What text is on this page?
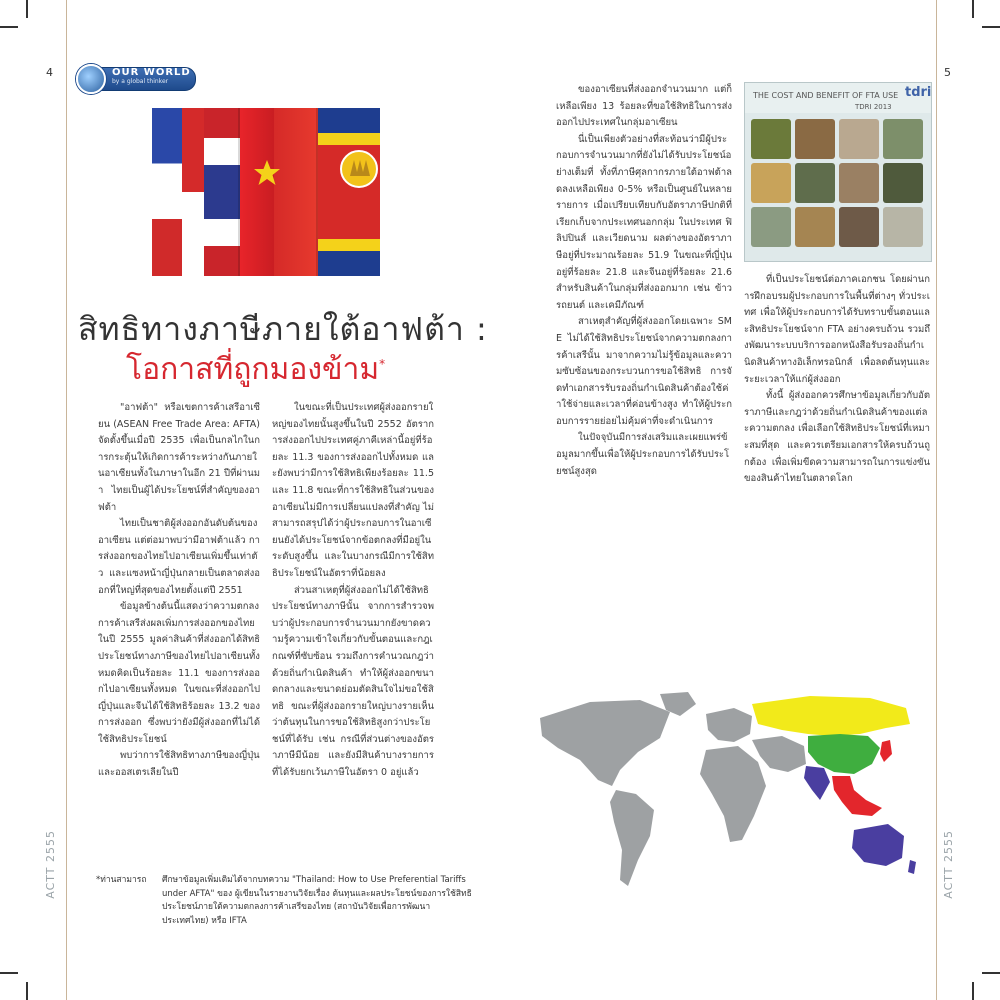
4	5
ACTT 2555	ACTT 2555
OUR WORLD
by a global thinker
สิทธิทางภาษีภายใต้อาฟต้า :
โอกาสที่ถูกมองข้าม*

"อาฟต้า" หรือเขตการค้าเสรีอาเซียน (ASEAN Free Trade Area: AFTA) จัดตั้งขึ้นเมื่อปี 2535 เพื่อเป็นกลไกในการกระตุ้นให้เกิดการค้าระหว่างกันภายในอาเซียนทั้งในภาษาในอีก 21 ปีที่ผ่านมา ไทยเป็นผู้ได้ประโยชน์ที่สำคัญของอาฟต้า

ไทยเป็นชาติผู้ส่งออกอันดับต้นของอาเซียน แต่ต่อมาพบว่ามีอาฟต้าแล้ว การส่งออกของไทยไปอาเซียนเพิ่มขึ้นเท่าตัว และแซงหน้าญี่ปุ่นกลายเป็นตลาดส่งออกที่ใหญ่ที่สุดของไทยตั้งแต่ปี 2551

ข้อมูลข้างต้นนี้แสดงว่าความตกลงการค้าเสรีส่งผลเพิ่มการส่งออกของไทย ในปี 2555 มูลค่าสินค้าที่ส่งออกได้สิทธิประโยชน์ทางภาษีของไทยไปอาเซียนทั้งหมดคิดเป็นร้อยละ 11.1 ของการส่งออกไปอาเซียนทั้งหมด ในขณะที่ส่งออกไปญี่ปุ่นและจีนได้ใช้สิทธิร้อยละ 13.2 ของการส่งออก ซึ่งพบว่ายังมีผู้ส่งออกที่ไม่ได้ใช้สิทธิประโยชน์

พบว่าการใช้สิทธิทางภาษีของญี่ปุ่น และออสเตรเลียในปี

ในขณะที่เป็นประเทศผู้ส่งออกรายใหญ่ของไทยนั้นสูงขึ้นในปี 2552 อัตราการส่งออกไปประเทศคู่ภาคีเหล่านี้อยู่ที่ร้อยละ 11.3 ของการส่งออกไปทั้งหมด และยังพบว่ามีการใช้สิทธิเพียงร้อยละ 11.5 และ 11.8 ขณะที่การใช้สิทธิในส่วนของอาเซียนไม่มีการเปลี่ยนแปลงที่สำคัญ ไม่สามารถสรุปได้ว่าผู้ประกอบการในอาเซียนยังได้ประโยชน์จากข้อตกลงที่มีอยู่ในระดับสูงขึ้น และในบางกรณีมีการใช้สิทธิประโยชน์ในอัตราที่น้อยลง

ส่วนสาเหตุที่ผู้ส่งออกไม่ได้ใช้สิทธิประโยชน์ทางภาษีนั้น จากการสำรวจพบว่าผู้ประกอบการจำนวนมากยังขาดความรู้ความเข้าใจเกี่ยวกับขั้นตอนและกฎเกณฑ์ที่ซับซ้อน รวมถึงการคำนวณกฎว่าด้วยถิ่นกำเนิดสินค้า ทำให้ผู้ส่งออกขนาดกลางและขนาดย่อมตัดสินใจไม่ขอใช้สิทธิ ขณะที่ผู้ส่งออกรายใหญ่บางรายเห็นว่าต้นทุนในการขอใช้สิทธิสูงกว่าประโยชน์ที่ได้รับ เช่น กรณีที่ส่วนต่างของอัตราภาษีมีน้อย และยังมีสินค้าบางรายการที่ได้รับยกเว้นภาษีในอัตรา 0 อยู่แล้ว

ของอาเซียนที่ส่งออกจำนวนมาก แต่ก็เหลือเพียง 13 ร้อยละที่ขอใช้สิทธิในการส่งออกไปประเทศในกลุ่มอาเซียน

นี่เป็นเพียงตัวอย่างที่สะท้อนว่ามีผู้ประกอบการจำนวนมากที่ยังไม่ได้รับประโยชน์อย่างเต็มที่ ทั้งที่ภาษีศุลกากรภายใต้อาฟต้าลดลงเหลือเพียง 0-5% หรือเป็นศูนย์ในหลายรายการ เมื่อเปรียบเทียบกับอัตราภาษีปกติที่เรียกเก็บจากประเทศนอกกลุ่ม ในประเทศ ฟิลิปปินส์ และเวียดนาม ผลต่างของอัตราภาษีอยู่ที่ประมาณร้อยละ 51.9 ในขณะที่ญี่ปุ่นอยู่ที่ร้อยละ 21.8 และจีนอยู่ที่ร้อยละ 21.6 สำหรับสินค้าในกลุ่มที่ส่งออกมาก เช่น ข้าว รถยนต์ และเคมีภัณฑ์

สาเหตุสำคัญที่ผู้ส่งออกโดยเฉพาะ SME ไม่ได้ใช้สิทธิประโยชน์จากความตกลงการค้าเสรีนั้น มาจากความไม่รู้ข้อมูลและความซับซ้อนของกระบวนการขอใช้สิทธิ การจัดทำเอกสารรับรองถิ่นกำเนิดสินค้าต้องใช้ค่าใช้จ่ายและเวลาที่ค่อนข้างสูง ทำให้ผู้ประกอบการรายย่อยไม่คุ้มค่าที่จะดำเนินการ

ในปัจจุบันมีการส่งเสริมและเผยแพร่ข้อมูลมากขึ้นเพื่อให้ผู้ประกอบการได้รับประโยชน์สูงสุด

THE COST AND BENEFIT OF FTA USE
TDRI 2013
tdri

ที่เป็นประโยชน์ต่อภาคเอกชน โดยผ่านการฝึกอบรมผู้ประกอบการในพื้นที่ต่างๆ ทั่วประเทศ เพื่อให้ผู้ประกอบการได้รับทราบขั้นตอนและสิทธิประโยชน์จาก FTA อย่างครบถ้วน รวมถึงพัฒนาระบบบริการออกหนังสือรับรองถิ่นกำเนิดสินค้าทางอิเล็กทรอนิกส์ เพื่อลดต้นทุนและระยะเวลาให้แก่ผู้ส่งออก

ทั้งนี้ ผู้ส่งออกควรศึกษาข้อมูลเกี่ยวกับอัตราภาษีและกฎว่าด้วยถิ่นกำเนิดสินค้าของแต่ละความตกลง เพื่อเลือกใช้สิทธิประโยชน์ที่เหมาะสมที่สุด และควรเตรียมเอกสารให้ครบถ้วนถูกต้อง เพื่อเพิ่มขีดความสามารถในการแข่งขันของสินค้าไทยในตลาดโลก

*ท่านสามารถ ศึกษาข้อมูลเพิ่มเติมได้จากบทความ "Thailand: How to Use Preferential Tariffs under AFTA" ของ ผู้เขียนในรายงานวิจัยเรื่อง ต้นทุนและผลประโยชน์ของการใช้สิทธิประโยชน์ภายใต้ความตกลงการค้าเสรีของไทย (สถาบันวิจัยเพื่อการพัฒนาประเทศไทย) หรือ IFTA
